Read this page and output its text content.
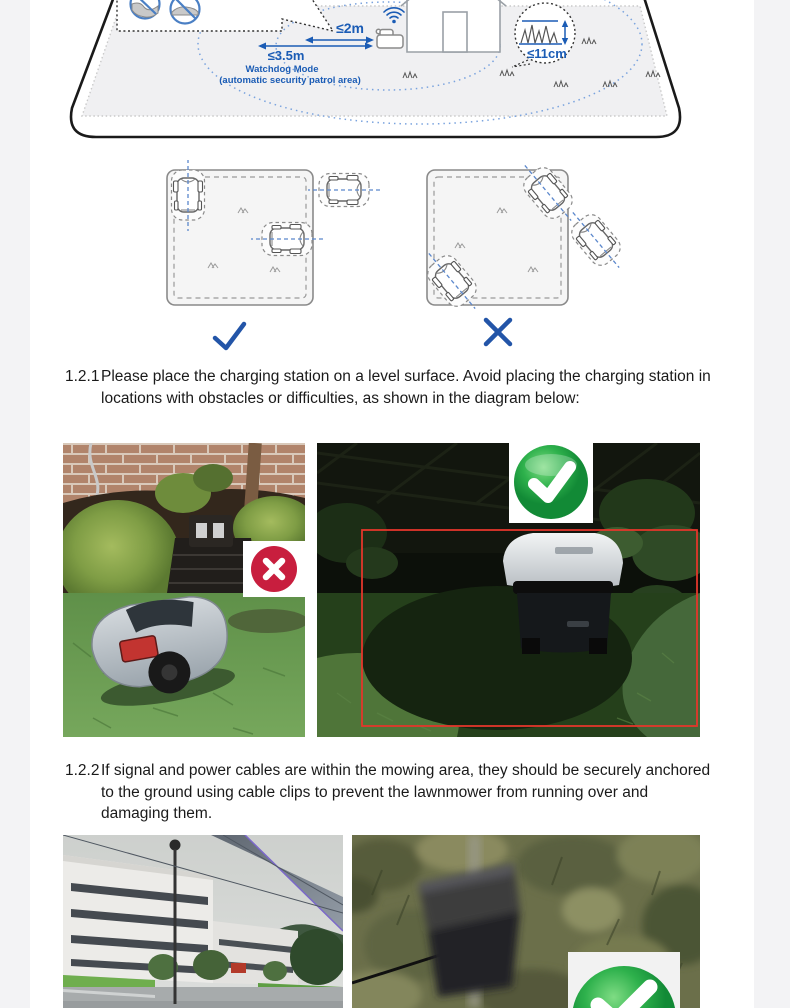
≤2m
≤3.5m
Watchdog Mode
(automatic security patrol area)
≤11cm

1.2.1 Please place the charging station on a level surface. Avoid placing the charging station in locations with obstacles or difficulties, as shown in the diagram below:

1.2.2 If signal and power cables are within the mowing area, they should be securely anchored to the ground using cable clips to prevent the lawnmower from running over and damaging them.
